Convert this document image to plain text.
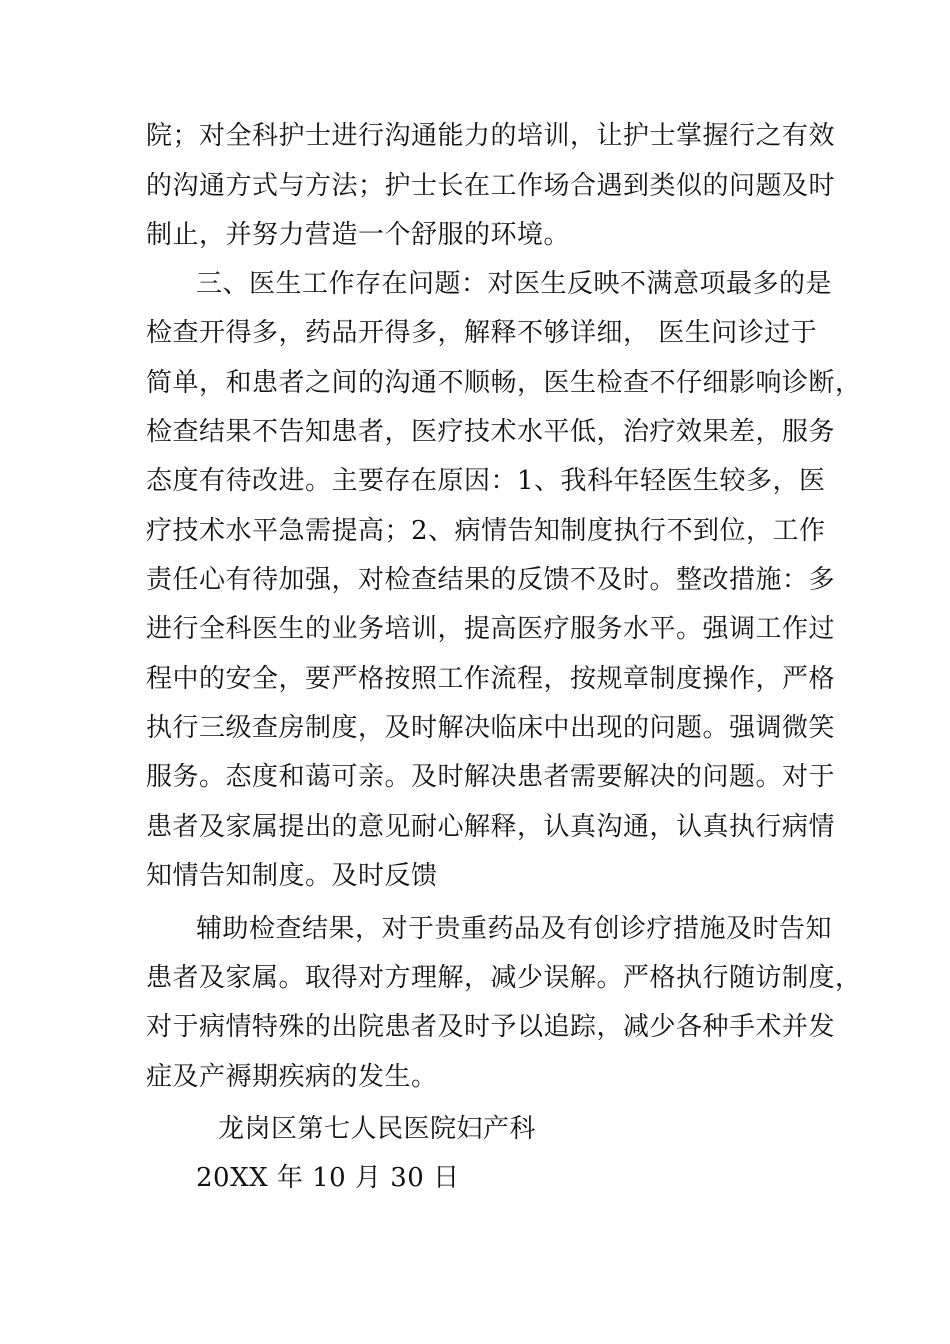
院；对全科护士进行沟通能力的培训，让护士掌握行之有效
的沟通方式与方法；护士长在工作场合遇到类似的问题及时
制止，并努力营造一个舒服的环境。
三、医生工作存在问题：对医生反映不满意项最多的是
检查开得多，药品开得多，解释不够详细， 医生问诊过于
简单，和患者之间的沟通不顺畅，医生检查不仔细影响诊断，
检查结果不告知患者，医疗技术水平低，治疗效果差，服务
态度有待改进。主要存在原因：1、我科年轻医生较多，医
疗技术水平急需提高；2、病情告知制度执行不到位，工作
责任心有待加强，对检查结果的反馈不及时。整改措施：多
进行全科医生的业务培训，提高医疗服务水平。强调工作过
程中的安全，要严格按照工作流程，按规章制度操作，严格
执行三级查房制度，及时解决临床中出现的问题。强调微笑
服务。态度和蔼可亲。及时解决患者需要解决的问题。对于
患者及家属提出的意见耐心解释，认真沟通，认真执行病情
知情告知制度。及时反馈
辅助检查结果，对于贵重药品及有创诊疗措施及时告知
患者及家属。取得对方理解，减少误解。严格执行随访制度，
对于病情特殊的出院患者及时予以追踪，减少各种手术并发
症及产褥期疾病的发生。
龙岗区第七人民医院妇产科
20XX 年 10 月 30 日
